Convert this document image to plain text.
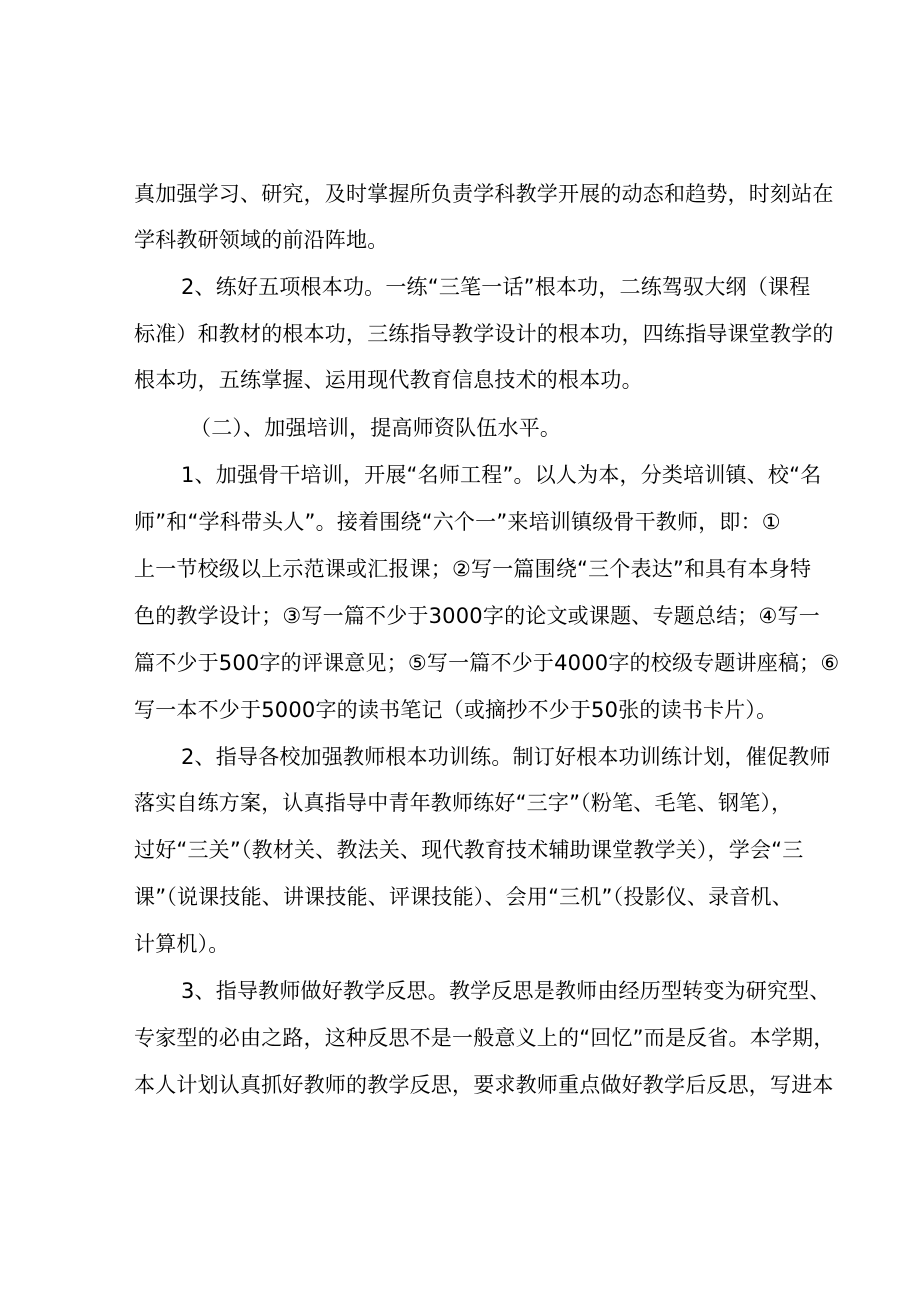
真加强学习、研究，及时掌握所负责学科教学开展的动态和趋势，时刻站在
学科教研领域的前沿阵地。
2、练好五项根本功。一练“三笔一话”根本功，二练驾驭大纲（课程
标准）和教材的根本功，三练指导教学设计的根本功，四练指导课堂教学的
根本功，五练掌握、运用现代教育信息技术的根本功。
（二）、加强培训，提高师资队伍水平。
1、加强骨干培训，开展“名师工程”。以人为本，分类培训镇、校“名
师”和“学科带头人”。接着围绕“六个一”来培训镇级骨干教师，即：①
上一节校级以上示范课或汇报课；②写一篇围绕“三个表达”和具有本身特
色的教学设计；③写一篇不少于3000字的论文或课题、专题总结；④写一
篇不少于500字的评课意见；⑤写一篇不少于4000字的校级专题讲座稿；⑥
写一本不少于5000字的读书笔记（或摘抄不少于50张的读书卡片）。
2、指导各校加强教师根本功训练。制订好根本功训练计划，催促教师
落实自练方案，认真指导中青年教师练好“三字”（粉笔、毛笔、钢笔），
过好“三关”（教材关、教法关、现代教育技术辅助课堂教学关），学会“三
课”（说课技能、讲课技能、评课技能）、会用“三机”（投影仪、录音机、
计算机）。
3、指导教师做好教学反思。教学反思是教师由经历型转变为研究型、
专家型的必由之路，这种反思不是一般意义上的“回忆”而是反省。本学期，
本人计划认真抓好教师的教学反思，要求教师重点做好教学后反思，写进本
